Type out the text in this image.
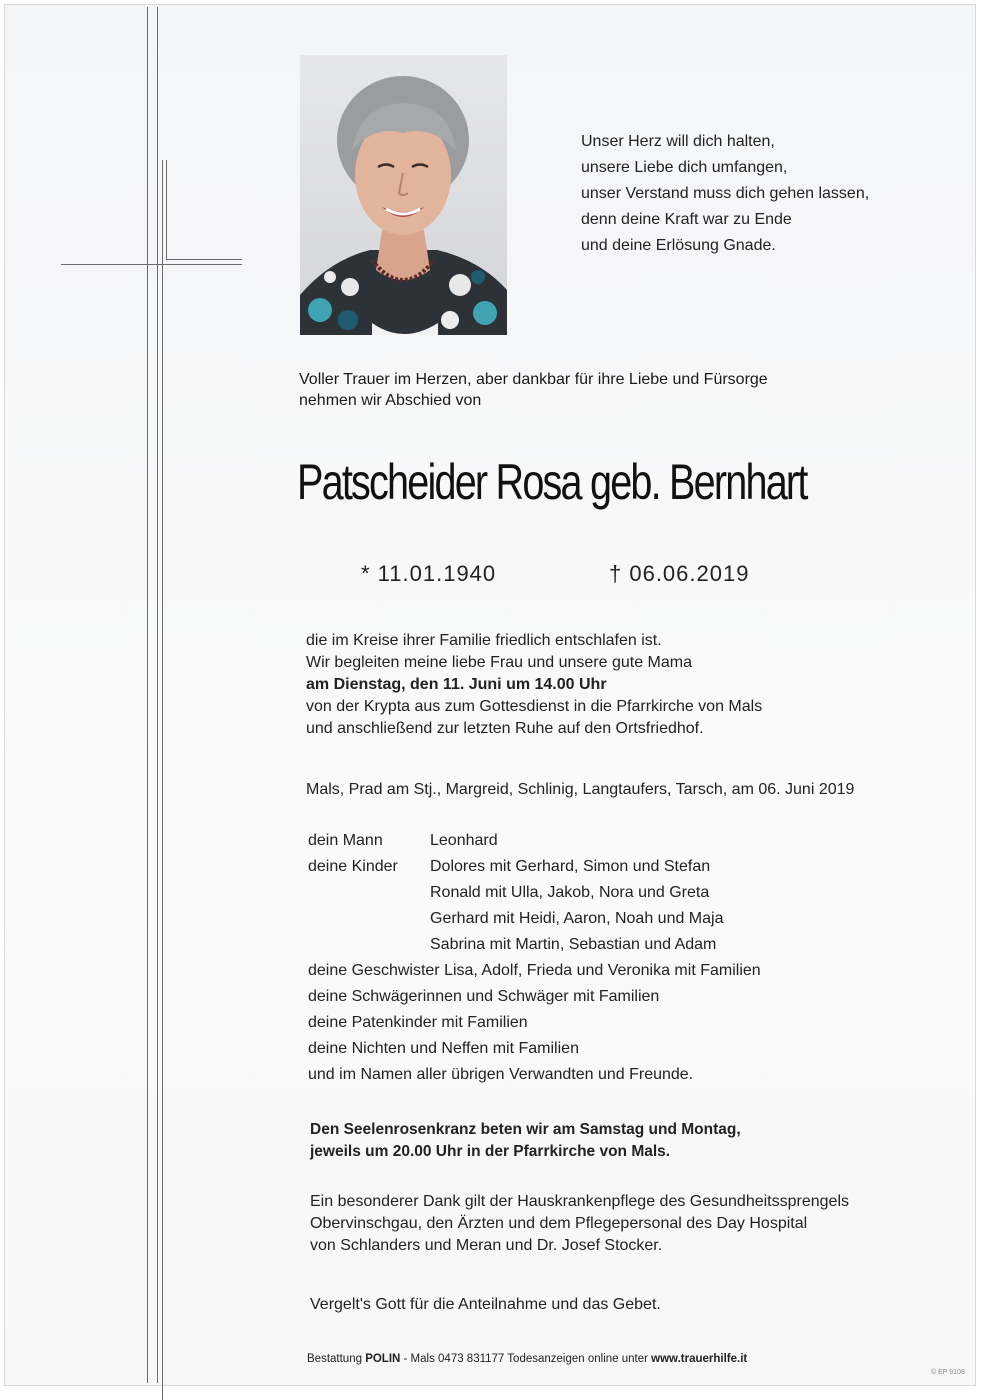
Unser Herz will dich halten,
unsere Liebe dich umfangen,
unser Verstand muss dich gehen lassen,
denn deine Kraft war zu Ende
und deine Erlösung Gnade.
Voller Trauer im Herzen, aber dankbar für ihre Liebe und Fürsorge
nehmen wir Abschied von
Patscheider Rosa geb. Bernhart
* 11.01.1940	† 06.06.2019
die im Kreise ihrer Familie friedlich entschlafen ist.
Wir begleiten meine liebe Frau und unsere gute Mama
am Dienstag, den 11. Juni um 14.00 Uhr
von der Krypta aus zum Gottesdienst in die Pfarrkirche von Mals
und anschließend zur letzten Ruhe auf den Ortsfriedhof.
Mals, Prad am Stj., Margreid, Schlinig, Langtaufers, Tarsch, am 06. Juni 2019
dein Mann	Leonhard
deine Kinder Dolores mit Gerhard, Simon und Stefan
Ronald mit Ulla, Jakob, Nora und Greta
Gerhard mit Heidi, Aaron, Noah und Maja
Sabrina mit Martin, Sebastian und Adam
deine Geschwister Lisa, Adolf, Frieda und Veronika mit Familien
deine Schwägerinnen und Schwäger mit Familien
deine Patenkinder mit Familien
deine Nichten und Neffen mit Familien
und im Namen aller übrigen Verwandten und Freunde.
Den Seelenrosenkranz beten wir am Samstag und Montag,
jeweils um 20.00 Uhr in der Pfarrkirche von Mals.
Ein besonderer Dank gilt der Hauskrankenpflege des Gesundheitssprengels
Obervinschgau, den Ärzten und dem Pflegepersonal des Day Hospital
von Schlanders und Meran und Dr. Josef Stocker.
Vergelt's Gott für die Anteilnahme und das Gebet.
Bestattung POLIN - Mals 0473 831177 Todesanzeigen online unter www.trauerhilfe.it
© EP 9108
